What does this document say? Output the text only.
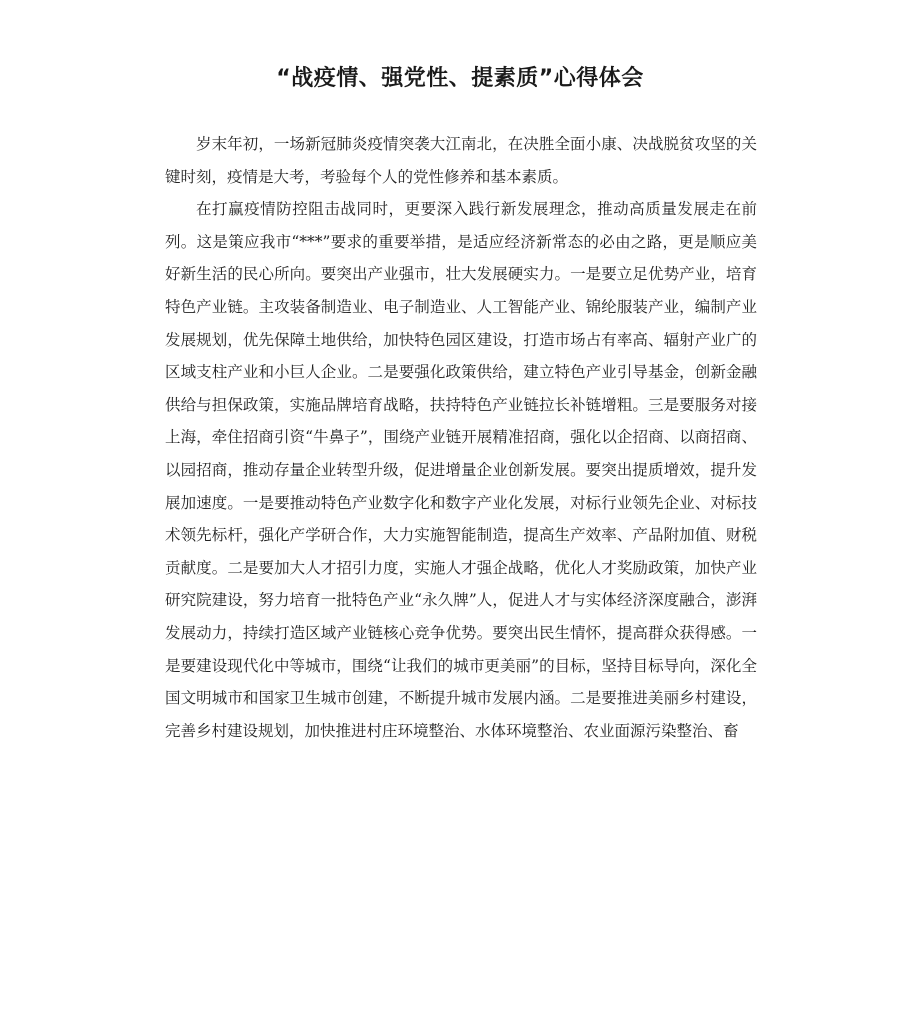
“战疫情、强党性、提素质”心得体会

岁末年初，一场新冠肺炎疫情突袭大江南北，在决胜全面小康、决战脱贫攻坚的关键时刻，疫情是大考，考验每个人的党性修养和基本素质。

在打赢疫情防控阻击战同时，更要深入践行新发展理念，推动高质量发展走在前列。这是策应我市“***”要求的重要举措，是适应经济新常态的必由之路，更是顺应美好新生活的民心所向。要突出产业强市，壮大发展硬实力。一是要立足优势产业，培育特色产业链。主攻装备制造业、电子制造业、人工智能产业、锦纶服装产业，编制产业发展规划，优先保障土地供给，加快特色园区建设，打造市场占有率高、辐射产业广的区域支柱产业和小巨人企业。二是要强化政策供给，建立特色产业引导基金，创新金融供给与担保政策，实施品牌培育战略，扶持特色产业链拉长补链增粗。三是要服务对接上海，牵住招商引资“牛鼻子”，围绕产业链开展精准招商，强化以企招商、以商招商、以园招商，推动存量企业转型升级，促进增量企业创新发展。要突出提质增效，提升发展加速度。一是要推动特色产业数字化和数字产业化发展，对标行业领先企业、对标技术领先标杆，强化产学研合作，大力实施智能制造，提高生产效率、产品附加值、财税贡献度。二是要加大人才招引力度，实施人才强企战略，优化人才奖励政策，加快产业研究院建设，努力培育一批特色产业“永久牌”人，促进人才与实体经济深度融合，澎湃发展动力，持续打造区域产业链核心竞争优势。要突出民生情怀，提高群众获得感。一是要建设现代化中等城市，围绕“让我们的城市更美丽”的目标，坚持目标导向，深化全国文明城市和国家卫生城市创建，不断提升城市发展内涵。二是要推进美丽乡村建设，完善乡村建设规划，加快推进村庄环境整治、水体环境整治、农业面源污染整治、畜
